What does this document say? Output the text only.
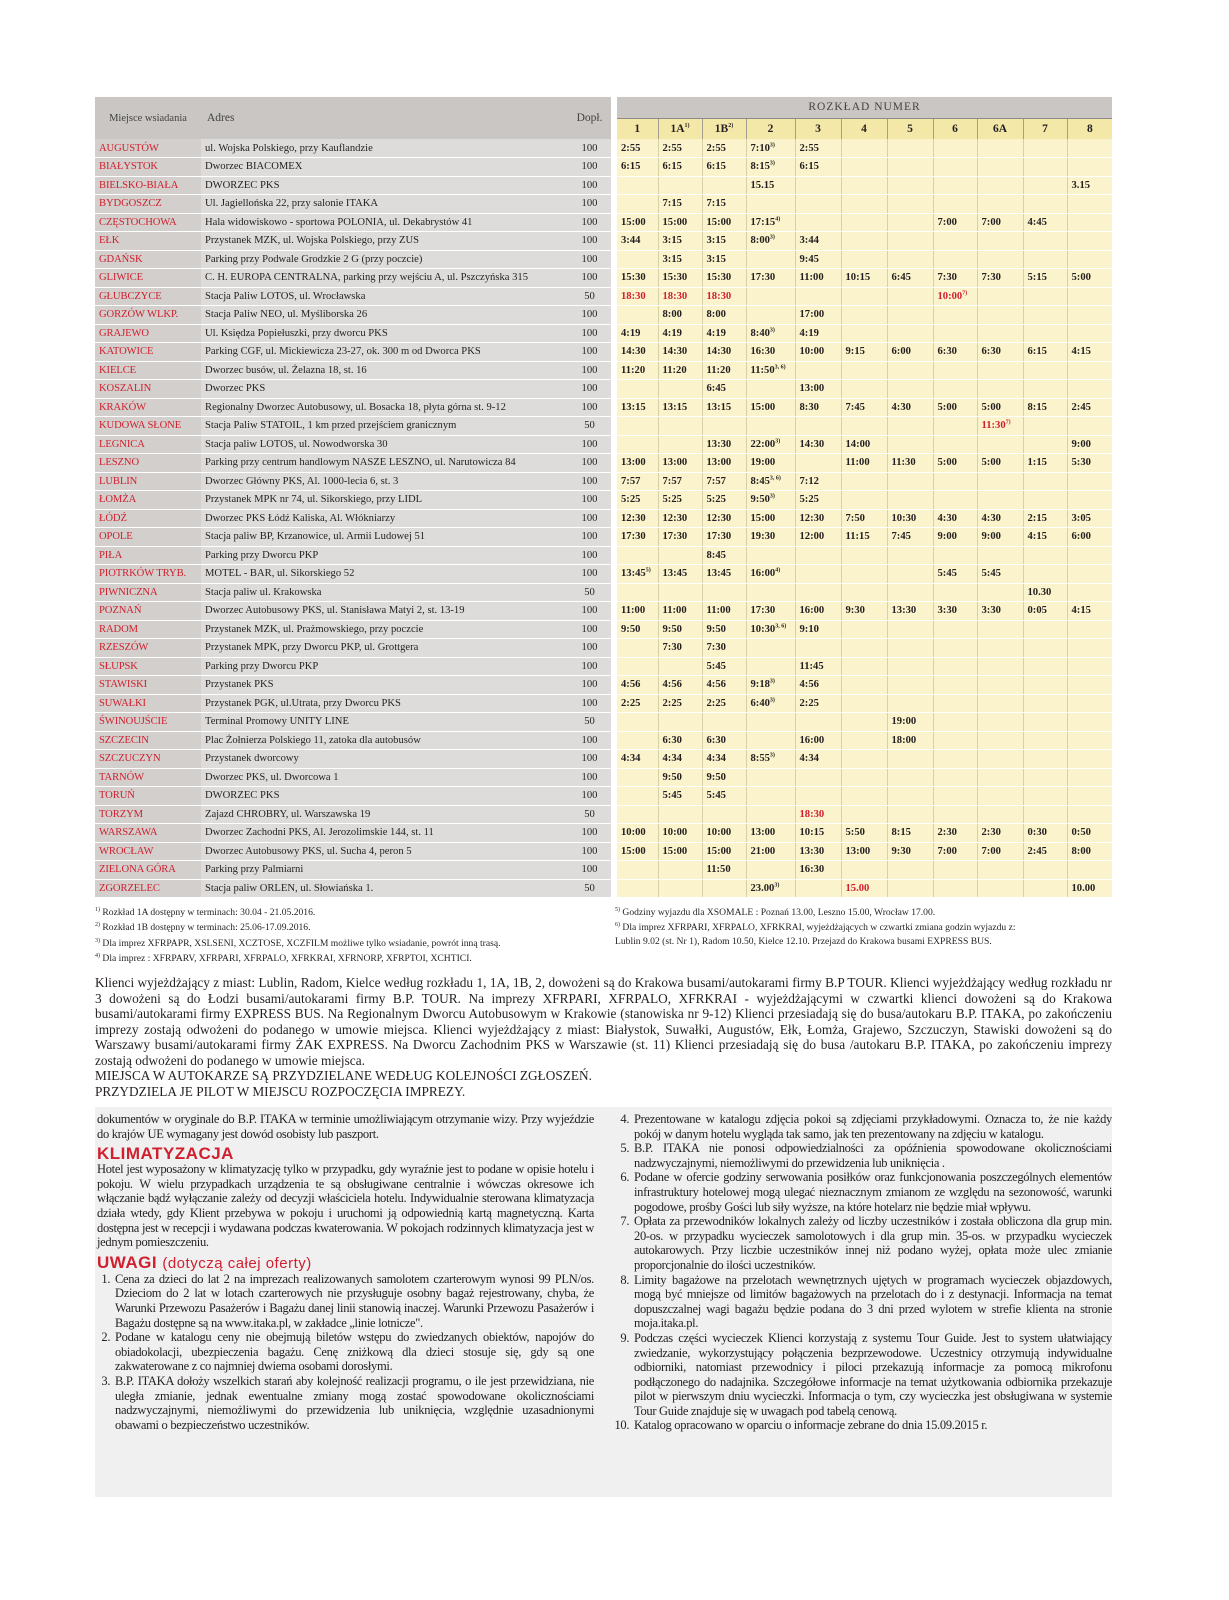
Miejsce wsiadania	Adres	Dopł.	ROZKŁAD NUMER										
			1	$1A^{1)}$	$1B^{2)}$	2	3	4	5	6	6A	7	8
AUGUSTÓW	ul. Wojska Polskiego, przy Kauflandzie	100	2:55	2:55	2:55	7:10$^{3)}$	2:55						
BIAŁYSTOK	Dworzec BIACOMEX	100	6:15	6:15	6:15	8:15$^{3)}$	6:15						
BIELSKO-BIAŁA	DWORZEC PKS	100				15.15							3.15
BYDGOSZCZ	Ul. Jagiellońska 22, przy salonie ITAKA	100		7:15	7:15								
CZĘSTOCHOWA	Hala widowiskowo - sportowa POLONIA, ul. Dekabrystów 41	100	15:00	15:00	15:00	17:15$^{4)}$				7:00	7:00	4:45	
EŁK	Przystanek MZK, ul. Wojska Polskiego, przy ZUS	100	3:44	3:15	3:15	8:00$^{3)}$	3:44						
GDAŃSK	Parking przy Podwale Grodzkie 2 G (przy poczcie)	100		3:15	3:15		9:45						
GLIWICE	C. H. EUROPA CENTRALNA, parking przy wejściu A, ul. Pszczyńska 315	100	15:30	15:30	15:30	17:30	11:00	10:15	6:45	7:30	7:30	5:15	5:00
GŁUBCZYCE	Stacja Paliw LOTOS, ul. Wrocławska	50	18:30	18:30	18:30					10:00$^{7)}$			
GORZÓW WLKP.	Stacja Paliw NEO, ul. Myśliborska 26	100		8:00	8:00		17:00						
GRAJEWO	Ul. Księdza Popiełuszki, przy dworcu PKS	100	4:19	4:19	4:19	8:40$^{3)}$	4:19						
KATOWICE	Parking CGF, ul. Mickiewicza 23-27, ok. 300 m od Dworca PKS	100	14:30	14:30	14:30	16:30	10:00	9:15	6:00	6:30	6:30	6:15	4:15
KIELCE	Dworzec busów, ul. Żelazna 18, st. 16	100	11:20	11:20	11:20	11:50$^{3, 6)}$							
KOSZALIN	Dworzec PKS	100			6:45		13:00						
KRAKÓW	Regionalny Dworzec Autobusowy, ul. Bosacka 18, płyta górna st. 9-12	100	13:15	13:15	13:15	15:00	8:30	7:45	4:30	5:00	5:00	8:15	2:45
KUDOWA SŁONE	Stacja Paliw STATOIL, 1 km przed przejściem granicznym	50									11:30$^{7)}$		
LEGNICA	Stacja paliw LOTOS, ul. Nowodworska 30	100			13:30	22:00$^{3)}$	14:30	14:00					9:00
LESZNO	Parking przy centrum handlowym NASZE LESZNO, ul. Narutowicza 84	100	13:00	13:00	13:00	19:00		11:00	11:30	5:00	5:00	1:15	5:30
LUBLIN	Dworzec Główny PKS, Al. 1000-lecia 6, st. 3	100	7:57	7:57	7:57	8:45$^{3, 6)}$	7:12						
ŁOMŻA	Przystanek MPK nr 74, ul. Sikorskiego, przy LIDL	100	5:25	5:25	5:25	9:50$^{3)}$	5:25						
ŁÓDŹ	Dworzec PKS Łódź Kaliska, Al. Włókniarzy	100	12:30	12:30	12:30	15:00	12:30	7:50	10:30	4:30	4:30	2:15	3:05
OPOLE	Stacja paliw BP, Krzanowice, ul. Armii Ludowej 51	100	17:30	17:30	17:30	19:30	12:00	11:15	7:45	9:00	9:00	4:15	6:00
PIŁA	Parking przy Dworcu PKP	100			8:45								
PIOTRKÓW TRYB.	MOTEL - BAR, ul. Sikorskiego 52	100	13:45$^{5)}$	13:45	13:45	16:00$^{4)}$				5:45	5:45		
PIWNICZNA	Stacja paliw ul. Krakowska	50										10.30	
POZNAŃ	Dworzec Autobusowy PKS, ul. Stanisława Matyi 2, st. 13-19	100	11:00	11:00	11:00	17:30	16:00	9:30	13:30	3:30	3:30	0:05	4:15
RADOM	Przystanek MZK, ul. Prażmowskiego, przy poczcie	100	9:50	9:50	9:50	10:30$^{3, 6)}$	9:10						
RZESZÓW	Przystanek MPK, przy Dworcu PKP, ul. Grottgera	100		7:30	7:30								
SŁUPSK	Parking przy Dworcu PKP	100			5:45		11:45						
STAWISKI	Przystanek PKS	100	4:56	4:56	4:56	9:18$^{3)}$	4:56						
SUWAŁKI	Przystanek PGK, ul.Utrata, przy Dworcu PKS	100	2:25	2:25	2:25	6:40$^{3)}$	2:25						
ŚWINOUJŚCIE	Terminal Promowy UNITY LINE	50							19:00				
SZCZECIN	Plac Żołnierza Polskiego 11, zatoka dla autobusów	100		6:30	6:30		16:00		18:00				
SZCZUCZYN	Przystanek dworcowy	100	4:34	4:34	4:34	8:55$^{3)}$	4:34						
TARNÓW	Dworzec PKS, ul. Dworcowa 1	100		9:50	9:50								
TORUŃ	DWORZEC PKS	100		5:45	5:45								
TORZYM	Zajazd CHROBRY, ul. Warszawska 19	50					18:30						
WARSZAWA	Dworzec Zachodni PKS, Al. Jerozolimskie 144, st. 11	100	10:00	10:00	10:00	13:00	10:15	5:50	8:15	2:30	2:30	0:30	0:50
WROCŁAW	Dworzec Autobusowy PKS, ul. Sucha 4, peron 5	100	15:00	15:00	15:00	21:00	13:30	13:00	9:30	7:00	7:00	2:45	8:00
ZIELONA GÓRA	Parking przy Palmiarni	100			11:50		16:30						
ZGORZELEC	Stacja paliw ORLEN, ul. Słowiańska 1.	50				23.00$^{3)}$		15.00					10.00

$^{1)}$ Rozkład 1A dostępny w terminach: 30.04 - 21.05.2016.

$^{2)}$ Rozkład 1B dostępny w terminach: 25.06-17.09.2016.

$^{3)}$ Dla imprez XFRPAPR, XSLSENI, XCZTOSE, XCZFILM możliwe tylko wsiadanie, powrót inną trasą.

$^{4)}$ Dla imprez : XFRPARV, XFRPARI, XFRPALO, XFRKRAI, XFRNORP, XFRPTOI, XCHTICI.

$^{5)}$ Godziny wyjazdu dla XSOMALE : Poznań 13.00, Leszno 15.00, Wrocław 17.00.

$^{6)}$ Dla imprez XFRPARI, XFRPALO, XFRKRAI, wyjeżdżających w czwartki zmiana godzin wyjazdu z:

Lublin 9.02 (st. Nr 1), Radom 10.50, Kielce 12.10. Przejazd do Krakowa busami EXPRESS BUS.

Klienci wyjeżdżający z miast: Lublin, Radom, Kielce według rozkładu 1, 1A, 1B, 2, dowożeni są do Krakowa busami/autokarami firmy B.P TOUR. Klienci wyjeżdżający według rozkładu nr 3 dowożeni są do Łodzi busami/autokarami firmy B.P. TOUR. Na imprezy XFRPARI, XFRPALO, XFRKRAI - wyjeżdżającymi w czwartki klienci dowożeni są do Krakowa busami/autokarami firmy EXPRESS BUS. Na Regionalnym Dworcu Autobusowym w Krakowie (stanowiska nr 9-12) Klienci przesiadają się do busa/autokaru B.P. ITAKA, po zakończeniu imprezy zostają odwożeni do podanego w umowie miejsca. Klienci wyjeżdżający z miast: Białystok, Suwałki, Augustów, Ełk, Łomża, Grajewo, Szczuczyn, Stawiski dowożeni są do Warszawy busami/autokarami firmy ŻAK EXPRESS. Na Dworcu Zachodnim PKS w Warszawie (st. 11) Klienci przesiadają się do busa /autokaru B.P. ITAKA, po zakończeniu imprezy zostają odwożeni do podanego w umowie miejsca.

MIEJSCA W AUTOKARZE SĄ PRZYDZIELANE WEDŁUG KOLEJNOŚCI ZGŁOSZEŃ.

PRZYDZIELA JE PILOT W MIEJSCU ROZPOCZĘCIA IMPREZY.

dokumentów w oryginale do B.P. ITAKA w terminie umożliwiającym otrzymanie wizy. Przy wyjeździe do krajów UE wymagany jest dowód osobisty lub paszport.

KLIMATYZACJA

Hotel jest wyposażony w klimatyzację tylko w przypadku, gdy wyraźnie jest to podane w opisie hotelu i pokoju. W wielu przypadkach urządzenia te są obsługiwane centralnie i wówczas okresowe ich włączanie bądź wyłączanie zależy od decyzji właściciela hotelu. Indywidualnie sterowana klimatyzacja działa wtedy, gdy Klient przebywa w pokoju i uruchomi ją odpowiednią kartą magnetyczną. Karta dostępna jest w recepcji i wydawana podczas kwaterowania. W pokojach rodzinnych klimatyzacja jest w jednym pomieszczeniu.

UWAGI (dotyczą całej oferty)
1. Cena za dzieci do lat 2 na imprezach realizowanych samolotem czarterowym wynosi 99 PLN/os. Dzieciom do 2 lat w lotach czarterowych nie przysługuje osobny bagaż rejestrowany, chyba, że Warunki Przewozu Pasażerów i Bagażu danej linii stanowią inaczej. Warunki Przewozu Pasażerów i Bagażu dostępne są na www.itaka.pl, w zakładce „linie lotnicze".
2. Podane w katalogu ceny nie obejmują biletów wstępu do zwiedzanych obiektów, napojów do obiadokolacji, ubezpieczenia bagażu. Cenę zniżkową dla dzieci stosuje się, gdy są one zakwaterowane z co najmniej dwiema osobami dorosłymi.
3. B.P. ITAKA dołoży wszelkich starań aby kolejność realizacji programu, o ile jest przewidziana, nie uległa zmianie, jednak ewentualne zmiany mogą zostać spowodowane okolicznościami nadzwyczajnymi, niemożliwymi do przewidzenia lub uniknięcia, względnie uzasadnionymi obawami o bezpieczeństwo uczestników.
4. Prezentowane w katalogu zdjęcia pokoi są zdjęciami przykładowymi. Oznacza to, że nie każdy pokój w danym hotelu wygląda tak samo, jak ten prezentowany na zdjęciu w katalogu.
5. B.P. ITAKA nie ponosi odpowiedzialności za opóźnienia spowodowane okolicznościami nadzwyczajnymi, niemożliwymi do przewidzenia lub uniknięcia .
6. Podane w ofercie godziny serwowania posiłków oraz funkcjonowania poszczególnych elementów infrastruktury hotelowej mogą ulegać nieznacznym zmianom ze względu na sezonowość, warunki pogodowe, prośby Gości lub siły wyższe, na które hotelarz nie będzie miał wpływu.
7. Opłata za przewodników lokalnych zależy od liczby uczestników i została obliczona dla grup min. 20-os. w przypadku wycieczek samolotowych i dla grup min. 35-os. w przypadku wycieczek autokarowych. Przy liczbie uczestników innej niż podano wyżej, opłata może ulec zmianie proporcjonalnie do ilości uczestników.
8. Limity bagażowe na przelotach wewnętrznych ujętych w programach wycieczek objazdowych, mogą być mniejsze od limitów bagażowych na przelotach do i z destynacji. Informacja na temat dopuszczalnej wagi bagażu będzie podana do 3 dni przed wylotem w strefie klienta na stronie moja.itaka.pl.
9. Podczas części wycieczek Klienci korzystają z systemu Tour Guide. Jest to system ułatwiający zwiedzanie, wykorzystujący połączenia bezprzewodowe. Uczestnicy otrzymują indywidualne odbiorniki, natomiast przewodnicy i piloci przekazują informacje za pomocą mikrofonu podłączonego do nadajnika. Szczegółowe informacje na temat użytkowania odbiornika przekazuje pilot w pierwszym dniu wycieczki. Informacja o tym, czy wycieczka jest obsługiwana w systemie Tour Guide znajduje się w uwagach pod tabelą cenową.
10. Katalog opracowano w oparciu o informacje zebrane do dnia 15.09.2015 r.
